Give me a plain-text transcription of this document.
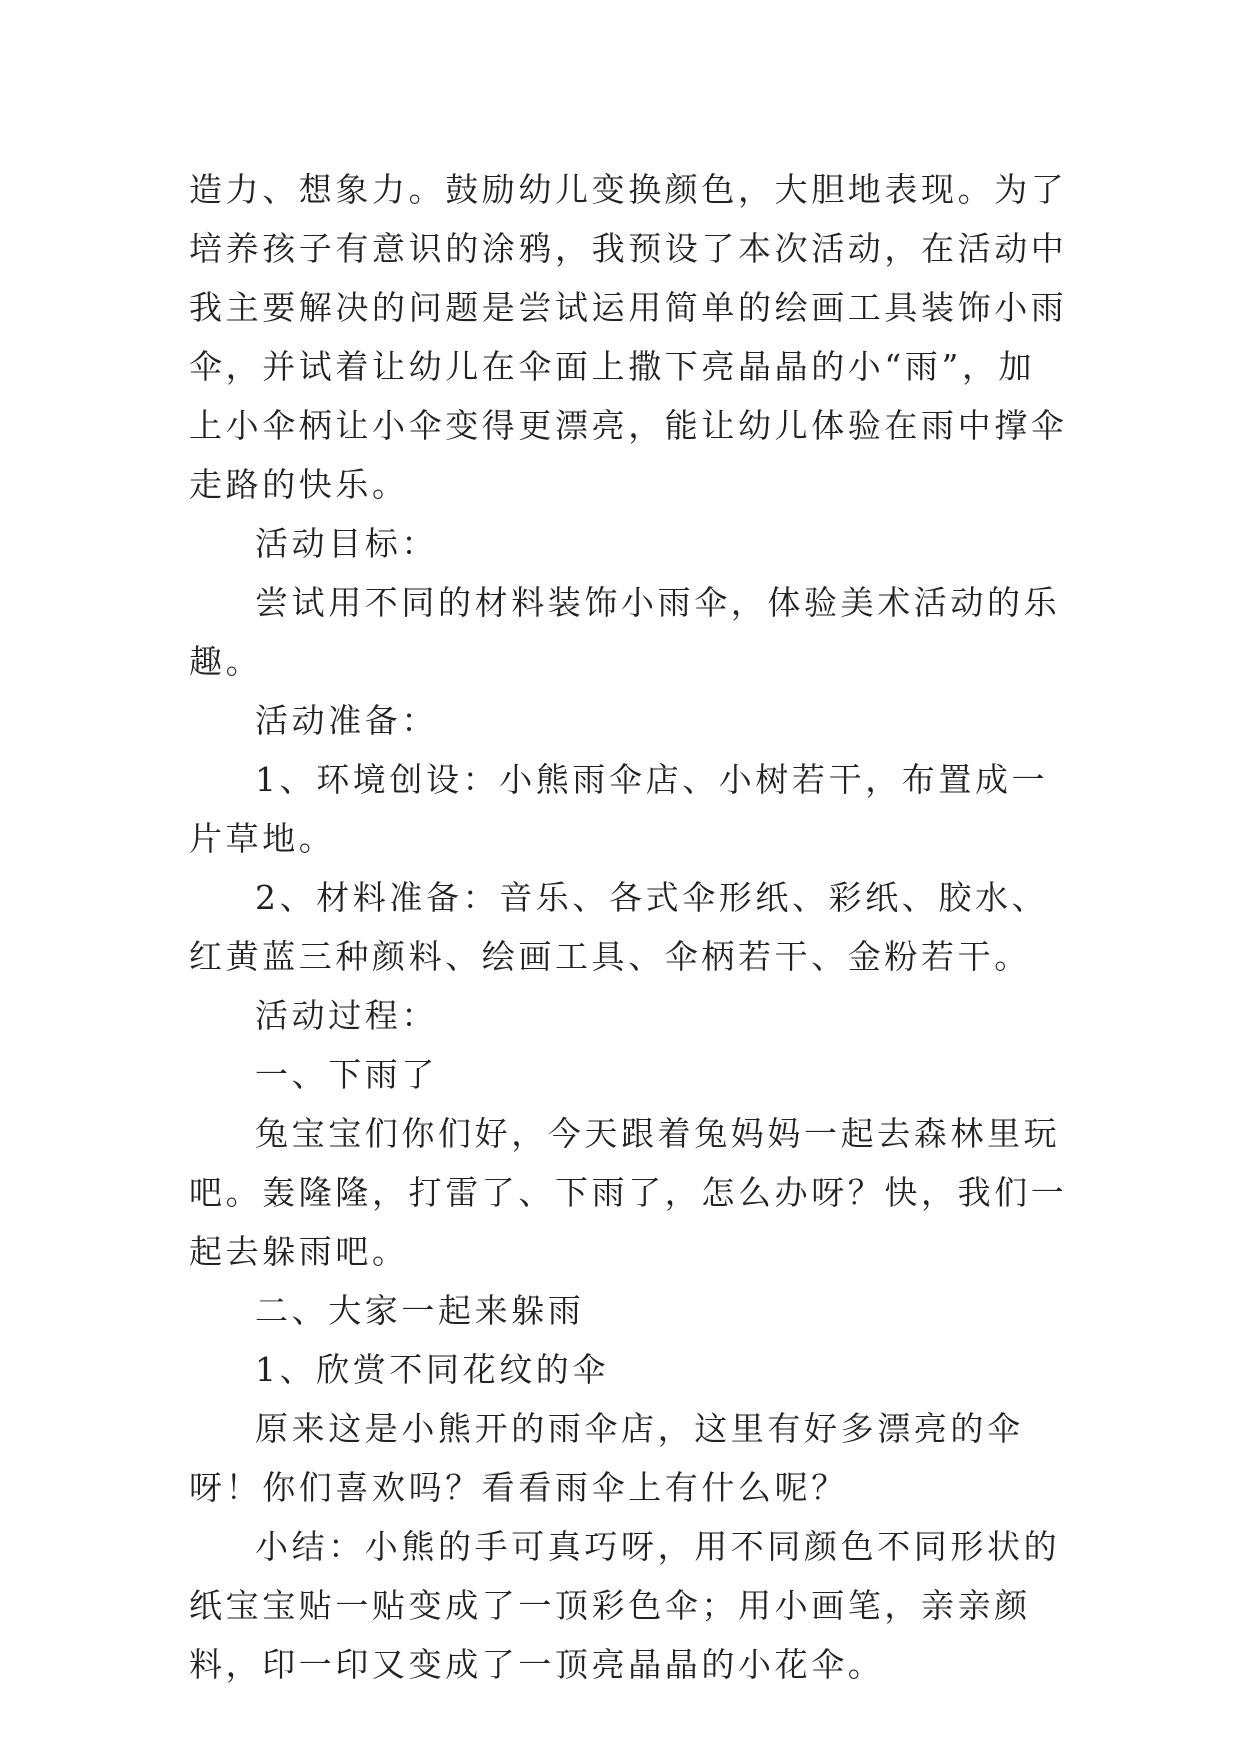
造力、想象力。鼓励幼儿变换颜色，大胆地表现。为了培养孩子有意识的涂鸦，我预设了本次活动，在活动中我主要解决的问题是尝试运用简单的绘画工具装饰小雨伞，并试着让幼儿在伞面上撒下亮晶晶的小“雨”，加上小伞柄让小伞变得更漂亮，能让幼儿体验在雨中撑伞走路的快乐。

活动目标：

尝试用不同的材料装饰小雨伞，体验美术活动的乐趣。

活动准备：

1、环境创设：小熊雨伞店、小树若干，布置成一片草地。

2、材料准备：音乐、各式伞形纸、彩纸、胶水、红黄蓝三种颜料、绘画工具、伞柄若干、金粉若干。

活动过程：

一、下雨了

兔宝宝们你们好，今天跟着兔妈妈一起去森林里玩吧。轰隆隆，打雷了、下雨了，怎么办呀？快，我们一起去躲雨吧。

二、大家一起来躲雨

1、欣赏不同花纹的伞

原来这是小熊开的雨伞店，这里有好多漂亮的伞呀！你们喜欢吗？看看雨伞上有什么呢？

小结：小熊的手可真巧呀，用不同颜色不同形状的纸宝宝贴一贴变成了一顶彩色伞；用小画笔，亲亲颜料，印一印又变成了一顶亮晶晶的小花伞。
